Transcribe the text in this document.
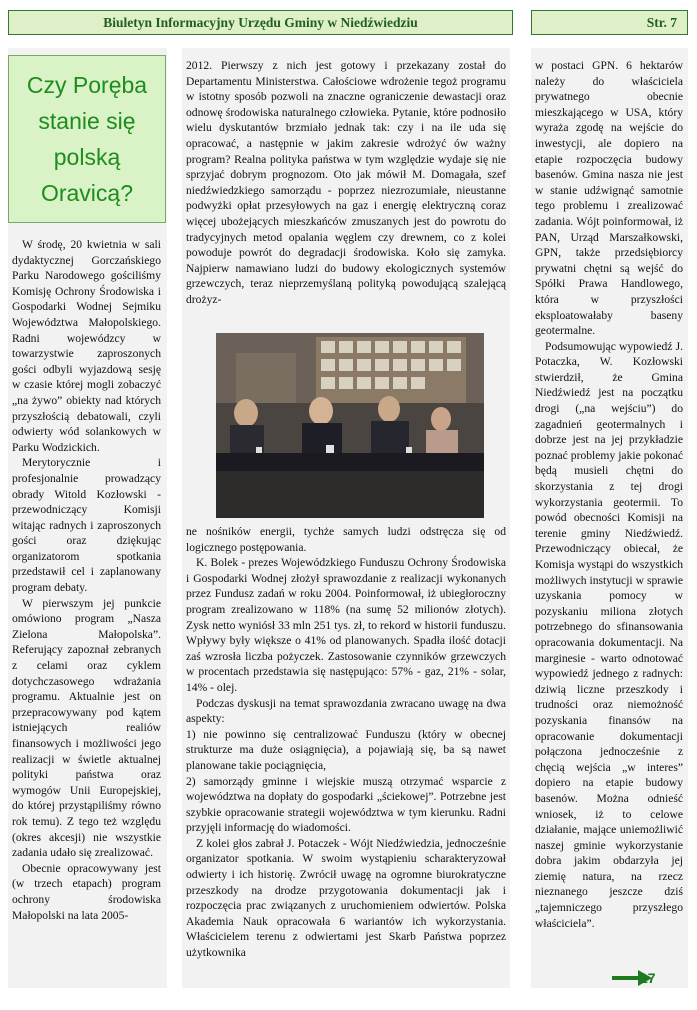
Biuletyn Informacyjny Urzędu Gminy w Niedźwiedziu	Str. 7
Czy Poręba
stanie się
polską
Oravicą?

W środę, 20 kwietnia w sali dydaktycznej Gorczańskiego Parku Narodowego gościliśmy Komisję Ochrony Środowiska i Gospodarki Wodnej Sejmiku Województwa Małopolskiego. Radni wojewódzcy w towarzystwie zaproszonych gości odbyli wyjazdową sesję w czasie której mogli zobaczyć „na żywo” obiekty nad których przyszłością debatowali, czyli odwierty wód solankowych w Parku Wodzickich.

Merytorycznie i profesjonalnie prowadzący obrady Witold Kozłowski - przewodniczący Komisji witając radnych i zaproszonych gości oraz dziękując organizatorom spotkania przedstawił cel i zaplanowany program debaty.

W pierwszym jej punkcie omówiono program „Nasza Zielona Małopolska”. Referujący zapoznał zebranych z celami oraz cyklem dotychczasowego wdrażania programu. Aktualnie jest on przepracowywany pod kątem istniejących realiów finansowych i możliwości jego realizacji w świetle aktualnej polityki państwa oraz wymogów Unii Europejskiej, do której przystąpiliśmy równo rok temu). Z tego też względu (okres akcesji) nie wszystkie zadania udało się zrealizować.

Obecnie opracowywany jest (w trzech etapach) program ochrony środowiska Małopolski na lata 2005-

2012. Pierwszy z nich jest gotowy i przekazany został do Departamentu Ministerstwa. Całościowe wdrożenie tegoż programu w istotny sposób pozwoli na znaczne ograniczenie dewastacji oraz odnowę środowiska naturalnego człowieka. Pytanie, które podnosiło wielu dyskutantów brzmiało jednak tak: czy i na ile uda się opracować, a następnie w jakim zakresie wdrożyć ów ważny program? Realna polityka państwa w tym względzie wydaje się nie sprzyjać dobrym prognozom. Oto jak mówił M. Domagała, szef niedźwiedzkiego samorządu - poprzez niezrozumiałe, nieustanne podwyżki opłat przesyłowych na gaz i energię elektryczną coraz więcej ubożejących mieszkańców zmuszanych jest do powrotu do tradycyjnych metod opalania węglem czy drewnem, co z kolei powoduje powrót do degradacji środowiska. Koło się zamyka. Najpierw namawiano ludzi do budowy ekologicznych systemów grzewczych, teraz nieprzemyślaną polityką powodującą szalejącą drożyz-

ne nośników energii, tychże samych ludzi odstręcza się od logicznego postępowania.

K. Bolek - prezes Wojewódzkiego Funduszu Ochrony Środowiska i Gospodarki Wodnej złożył sprawozdanie z realizacji wykonanych przez Fundusz zadań w roku 2004. Poinformował, iż ubiegłoroczny program zrealizowano w 118% (na sumę 52 milionów złotych). Zysk netto wyniósł 33 mln 251 tys. zł, to rekord w historii funduszu. Wpływy były większe o 41% od planowanych. Spadła ilość dotacji zaś wzrosła liczba pożyczek. Zastosowanie czynników grzewczych w procentach przedstawia się następująco: 57% - gaz, 21% - solar, 14% - olej.

Podczas dyskusji na temat sprawozdania zwracano uwagę na dwa aspekty:

1) nie powinno się centralizować Funduszu (który w obecnej strukturze ma duże osiągnięcia), a pojawiają się, ba są nawet planowane takie pociągnięcia,

2) samorządy gminne i wiejskie muszą otrzymać wsparcie z województwa na dopłaty do gospodarki „ściekowej”. Potrzebne jest szybkie opracowanie strategii województwa w tym kierunku. Radni przyjęli informację do wiadomości.

Z kolei głos zabrał J. Potaczek - Wójt Niedźwiedzia, jednocześnie organizator spotkania. W swoim wystąpieniu scharakteryzował odwierty i ich historię. Zwrócił uwagę na ogromne biurokratyczne przeszkody na drodze przygotowania dokumentacji jak i rozpoczęcia prac związanych z uruchomieniem odwiertów. Polska Akademia Nauk opracowała 6 wariantów ich wykorzystania. Właścicielem terenu z odwiertami jest Skarb Państwa poprzez użytkownika

w postaci GPN. 6 hektarów należy do właściciela prywatnego obecnie mieszkającego w USA, który wyraża zgodę na wejście do inwestycji, ale dopiero na etapie rozpoczęcia budowy basenów. Gmina nasza nie jest w stanie udźwignąć samotnie tego problemu i zrealizować zadania. Wójt poinformował, iż PAN, Urząd Marszałkowski, GPN, także przedsiębiorcy prywatni chętni są wejść do Spółki Prawa Handlowego, która w przyszłości eksploatowałaby baseny geotermalne.

Podsumowując wypowiedź J. Potaczka, W. Kozłowski stwierdził, że Gmina Niedźwiedź jest na początku drogi („na wejściu”) do zagadnień geotermalnych i dobrze jest na jej przykładzie poznać problemy jakie pokonać będą musieli chętni do skorzystania z tej drogi wykorzystania geotermii. To powód obecności Komisji na terenie gminy Niedźwiedź. Przewodniczący obiecał, że Komisja wystąpi do wszystkich możliwych instytucji w sprawie uzyskania pomocy w pozyskaniu miliona złotych potrzebnego do sfinansowania opracowania dokumentacji. Na marginesie - warto odnotować wypowiedź jednego z radnych: dziwią liczne przeszkody i trudności oraz niemożność pozyskania finansów na opracowanie dokumentacji połączona jednocześnie z chęcią wejścia „w interes” dopiero na etapie budowy basenów. Można odnieść wniosek, iż to celowe działanie, mające uniemożliwić naszej gminie wykorzystanie dobra jakim obdarzyła jej ziemię natura, na rzecz nieznanego jeszcze dziś „tajemniczego przyszłego właściciela”.

17
